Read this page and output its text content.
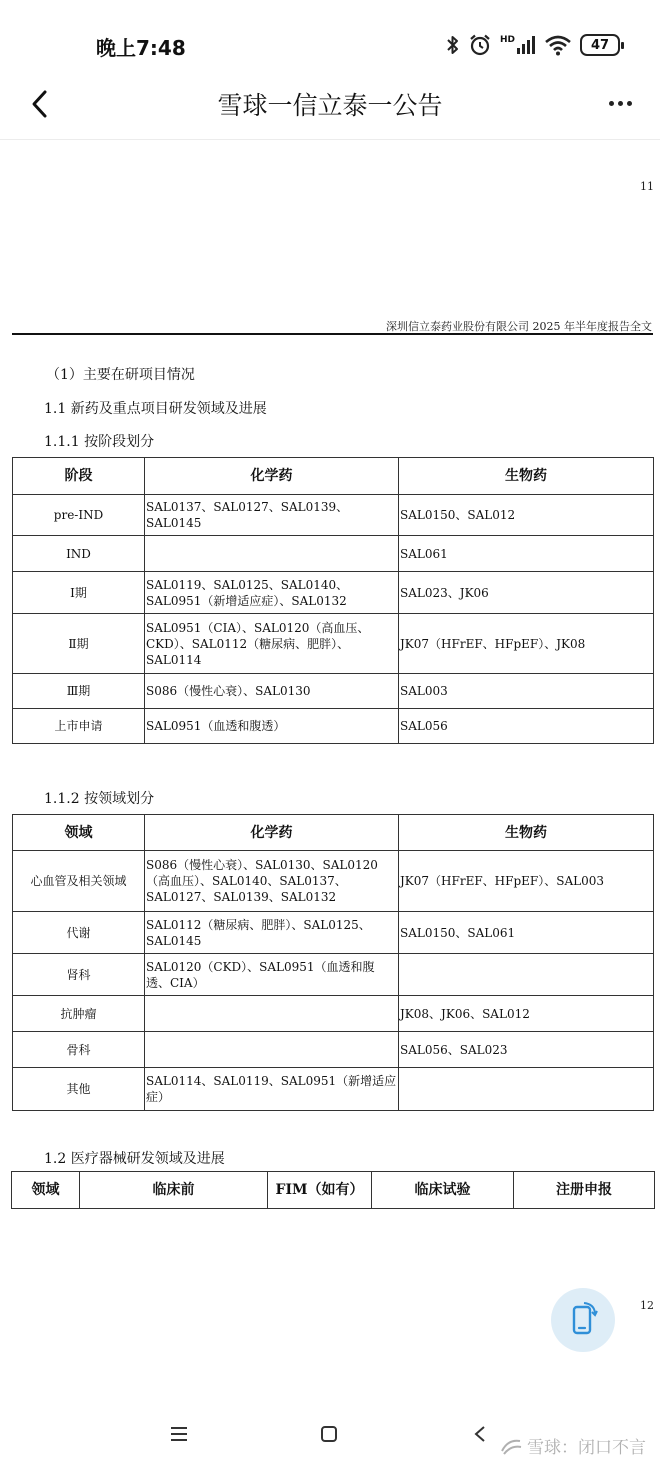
晚上7:48	HD	47
雪球一信立泰一公告
11
深圳信立泰药业股份有限公司 2025 年半年度报告全文
（1）主要在研项目情况
1.1 新药及重点项目研发领域及进展
1.1.1 按阶段划分
阶段	化学药	生物药
pre-IND	SAL0137、SAL0127、SAL0139、SAL0145	SAL0150、SAL012
IND		SAL061
Ⅰ期	SAL0119、SAL0125、SAL0140、SAL0951（新增适应症）、SAL0132	SAL023、JK06
Ⅱ期	SAL0951（CIA）、SAL0120（高血压、CKD）、SAL0112（糖尿病、肥胖）、SAL0114	JK07（HFrEF、HFpEF）、JK08
Ⅲ期	S086（慢性心衰）、SAL0130	SAL003
上市申请	SAL0951（血透和腹透）	SAL056
1.1.2 按领域划分
领域	化学药	生物药
心血管及相关领域	S086（慢性心衰）、SAL0130、SAL0120（高血压）、SAL0140、SAL0137、SAL0127、SAL0139、SAL0132	JK07（HFrEF、HFpEF）、SAL003
代谢	SAL0112（糖尿病、肥胖）、SAL0125、SAL0145	SAL0150、SAL061
肾科	SAL0120（CKD）、SAL0951（血透和腹透、CIA）	
抗肿瘤		JK08、JK06、SAL012
骨科		SAL056、SAL023
其他	SAL0114、SAL0119、SAL0951（新增适应症）	
1.2 医疗器械研发领域及进展
领域	临床前	FIM（如有）	临床试验	注册申报
12
雪球：闭口不言
